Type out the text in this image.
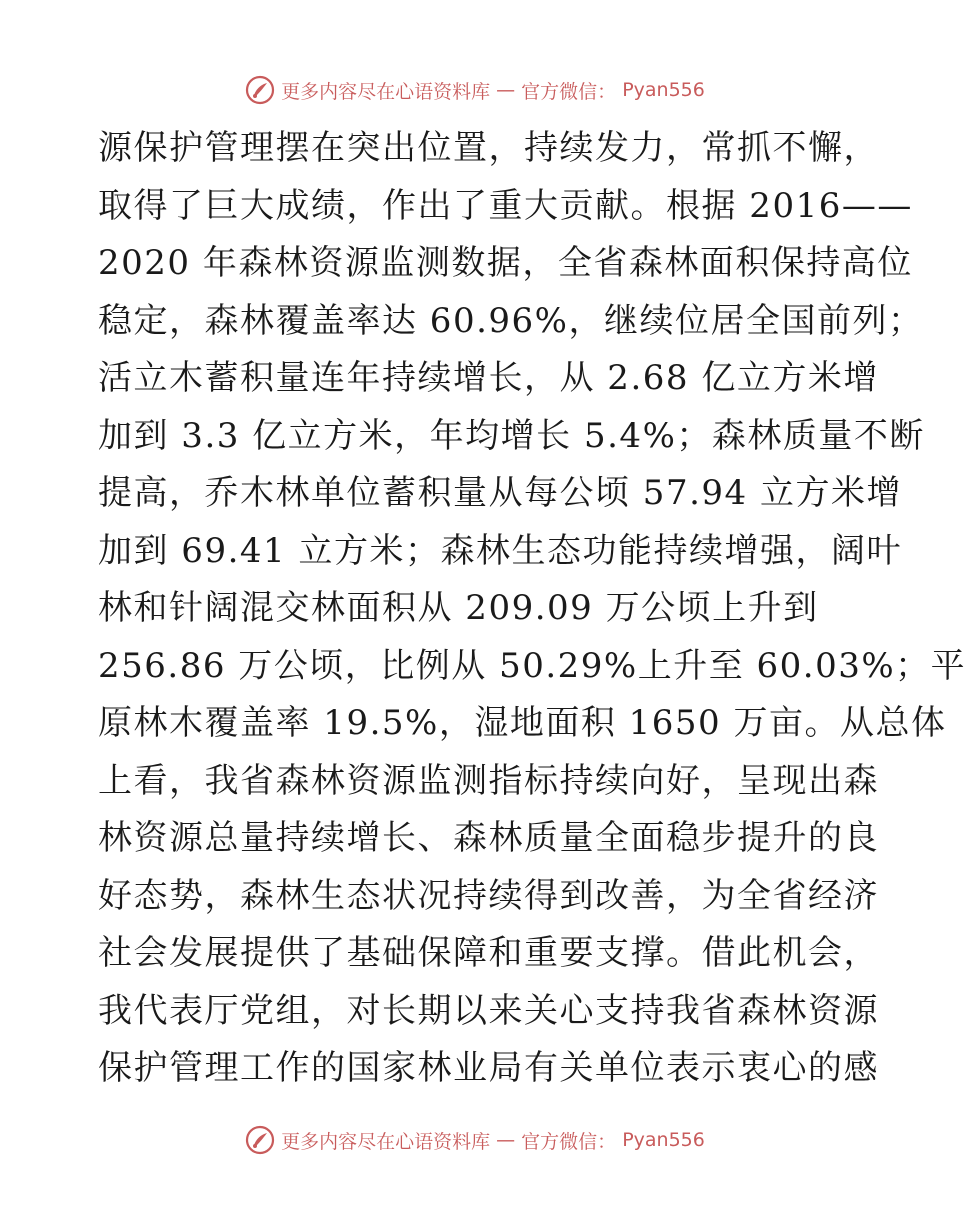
更多内容尽在心语资料库 — 官方微信： Pyan556
源保护管理摆在突出位置，持续发力，常抓不懈，
取得了巨大成绩，作出了重大贡献。根据 2016——
2020 年森林资源监测数据，全省森林面积保持高位
稳定，森林覆盖率达 60.96%，继续位居全国前列；
活立木蓄积量连年持续增长，从 2.68 亿立方米增
加到 3.3 亿立方米，年均增长 5.4%；森林质量不断
提高，乔木林单位蓄积量从每公顷 57.94 立方米增
加到 69.41 立方米；森林生态功能持续增强，阔叶
林和针阔混交林面积从 209.09 万公顷上升到
256.86 万公顷，比例从 50.29%上升至 60.03%；平
原林木覆盖率 19.5%，湿地面积 1650 万亩。从总体
上看，我省森林资源监测指标持续向好，呈现出森
林资源总量持续增长、森林质量全面稳步提升的良
好态势，森林生态状况持续得到改善，为全省经济
社会发展提供了基础保障和重要支撑。借此机会，
我代表厅党组，对长期以来关心支持我省森林资源
保护管理工作的国家林业局有关单位表示衷心的感
更多内容尽在心语资料库 — 官方微信： Pyan556
